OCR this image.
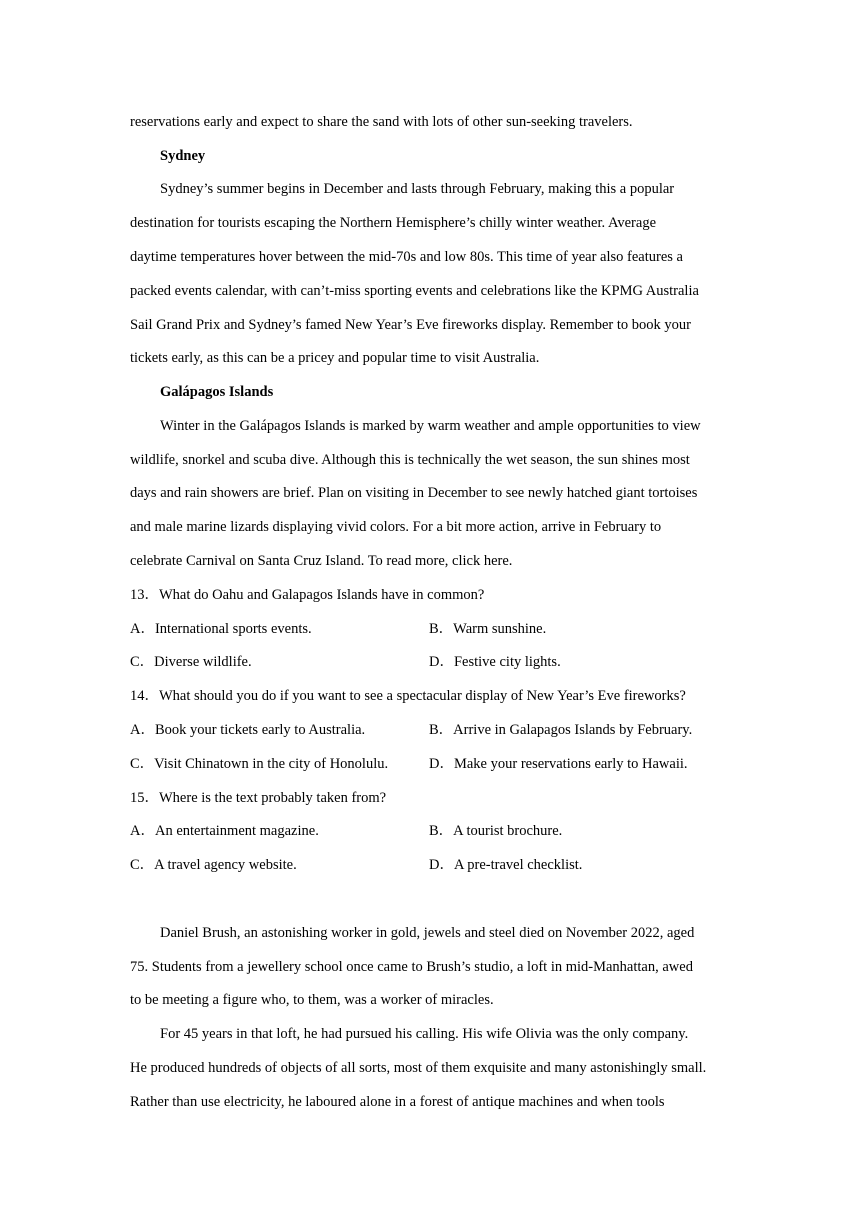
reservations early and expect to share the sand with lots of other sun-seeking travelers.
Sydney
Sydney’s summer begins in December and lasts through February, making this a popular
destination for tourists escaping the Northern Hemisphere’s chilly winter weather. Average
daytime temperatures hover between the mid-70s and low 80s. This time of year also features a
packed events calendar, with can’t-miss sporting events and celebrations like the KPMG Australia
Sail Grand Prix and Sydney’s famed New Year’s Eve fireworks display. Remember to book your
tickets early, as this can be a pricey and popular time to visit Australia.
Galápagos Islands
Winter in the Galápagos Islands is marked by warm weather and ample opportunities to view
wildlife, snorkel and scuba dive. Although this is technically the wet season, the sun shines most
days and rain showers are brief. Plan on visiting in December to see newly hatched giant tortoises
and male marine lizards displaying vivid colors. For a bit more action, arrive in February to
celebrate Carnival on Santa Cruz Island. To read more, click here.
13．What do Oahu and Galapagos Islands have in common?
A．International sports events.	B．Warm sunshine.
C．Diverse wildlife.	D．Festive city lights.
14．What should you do if you want to see a spectacular display of New Year’s Eve fireworks?
A．Book your tickets early to Australia.	B．Arrive in Galapagos Islands by February.
C．Visit Chinatown in the city of Honolulu.	D．Make your reservations early to Hawaii.
15．Where is the text probably taken from?
A．An entertainment magazine.	B．A tourist brochure.
C．A travel agency website.	D．A pre-travel checklist.
Daniel Brush, an astonishing worker in gold, jewels and steel died on November 2022, aged
75. Students from a jewellery school once came to Brush’s studio, a loft in mid-Manhattan, awed
to be meeting a figure who, to them, was a worker of miracles.
For 45 years in that loft, he had pursued his calling. His wife Olivia was the only company.
He produced hundreds of objects of all sorts, most of them exquisite and many astonishingly small.
Rather than use electricity, he laboured alone in a forest of antique machines and when tools
